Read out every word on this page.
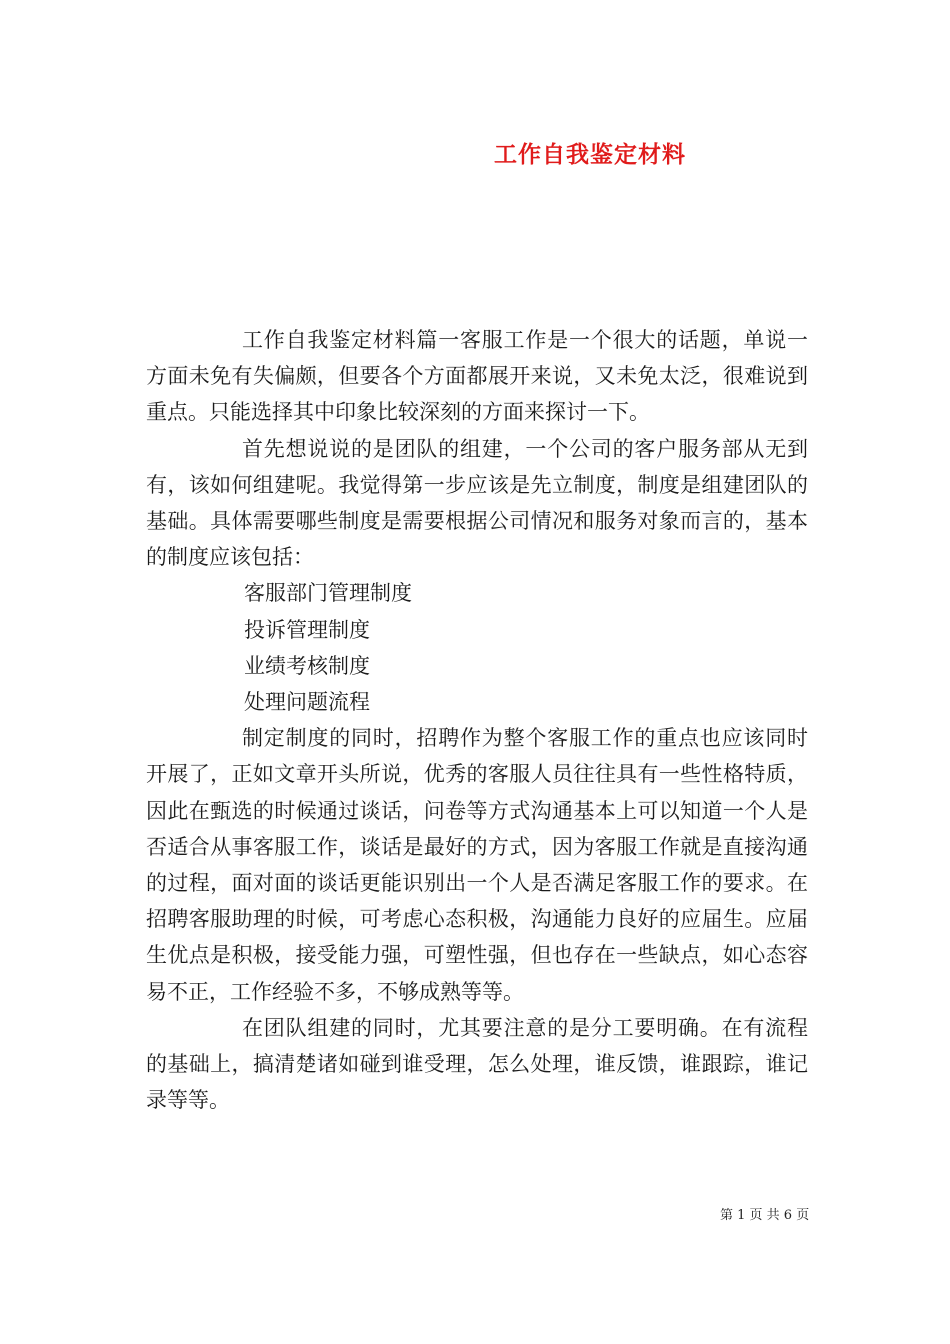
工作自我鉴定材料

工作自我鉴定材料篇一客服工作是一个很大的话题，单说一方面未免有失偏颇，但要各个方面都展开来说，又未免太泛，很难说到重点。只能选择其中印象比较深刻的方面来探讨一下。

首先想说说的是团队的组建，一个公司的客户服务部从无到有，该如何组建呢。我觉得第一步应该是先立制度，制度是组建团队的基础。具体需要哪些制度是需要根据公司情况和服务对象而言的，基本的制度应该包括：

客服部门管理制度

投诉管理制度

业绩考核制度

处理问题流程

制定制度的同时，招聘作为整个客服工作的重点也应该同时开展了，正如文章开头所说，优秀的客服人员往往具有一些性格特质，因此在甄选的时候通过谈话，问卷等方式沟通基本上可以知道一个人是否适合从事客服工作，谈话是最好的方式，因为客服工作就是直接沟通的过程，面对面的谈话更能识别出一个人是否满足客服工作的要求。在招聘客服助理的时候，可考虑心态积极，沟通能力良好的应届生。应届生优点是积极，接受能力强，可塑性强，但也存在一些缺点，如心态容易不正，工作经验不多，不够成熟等等。

在团队组建的同时，尤其要注意的是分工要明确。在有流程的基础上，搞清楚诸如碰到谁受理，怎么处理，谁反馈，谁跟踪，谁记录等等。

第 1 页 共 6 页
